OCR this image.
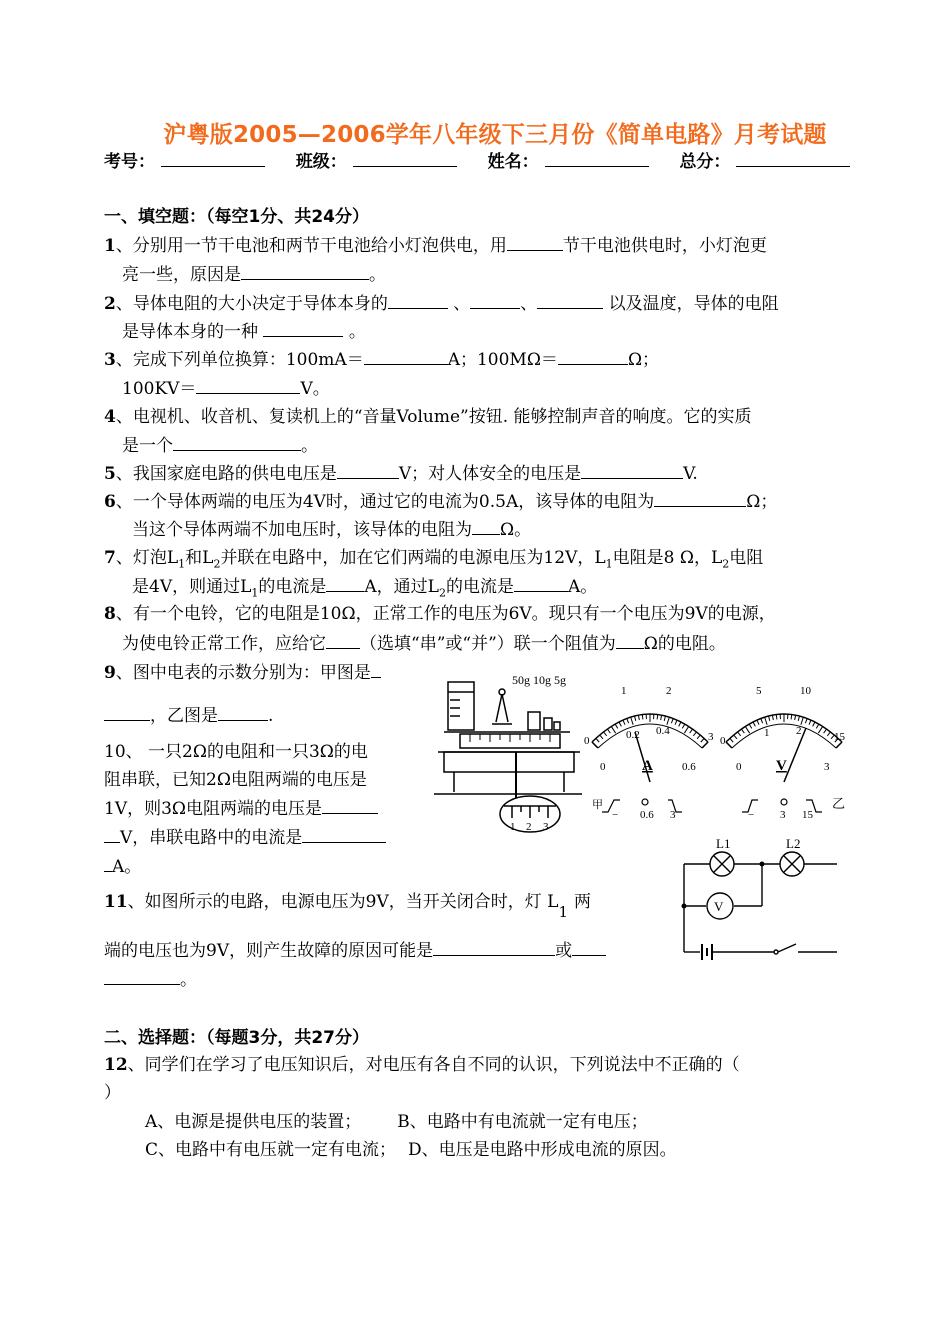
沪粤版2005—2006学年八年级下三月份《简单电路》月考试题
考号：	班级：	姓名：	总分：
一、填空题：（每空1分、共24分）
1、分别用一节干电池和两节干电池给小灯泡供电，用	节干电池供电时，小灯泡更
亮一些，原因是	。
2、导体电阻的大小决定于导体本身的	、	、	以及温度，导体的电阻
是导体本身的一种	。
3、完成下列单位换算：100mA＝	A；100MΩ＝	Ω；
100KV＝	V。
4、电视机、收音机、复读机上的“音量Volume”按钮. 能够控制声音的响度。它的实质
是一个	。
5、我国家庭电路的供电电压是	V；对人体安全的电压是	V.
6、一个导体两端的电压为4V时，通过它的电流为0.5A，该导体的电阻为	Ω；
当这个导体两端不加电压时，该导体的电阻为 Ω。
7、灯泡$L_1$和$L_2$并联在电路中，加在它们两端的电源电压为12V，$L_1$电阻是8 Ω，$L_2$电阻
是4V，则通过$L_1$的电流是 A，通过$L_2$的电流是	A。
8、有一个电铃，它的电阻是10Ω，正常工作的电压为6V。现只有一个电压为9V的电源，
为使电铃正常工作，应给它 （选填“串”或“并”）联一个阻值为 Ω的电阻。
9、图中电表的示数分别为：甲图是
，乙图是	.
10、 一只2Ω的电阻和一只3Ω的电
阻串联，已知2Ω电阻两端的电压是
1V，则3Ω电阻两端的电压是
V，串联电路中的电流是
A。
11、如图所示的电路，电源电压为9V，当开关闭合时，灯 $L_1$两
端的电压也为9V，则产生故障的原因可能是	或
。
二、选择题：（每题3分，共27分）
12、同学们在学习了电压知识后，对电压有各自不同的认识，下列说法中不正确的（
）
A、电源是提供电压的装置； B、电路中有电流就一定有电压；
C、电路中有电压就一定有电流； D、电压是电路中形成电流的原因。
50g 10g 5g
1 2 3
0
1	2
3
0
0.2 0.4
0.6
A
甲
− 0.6 3
0
5	10
15
0
1 2
3
V
− 3 15
乙
L1	L2
V
